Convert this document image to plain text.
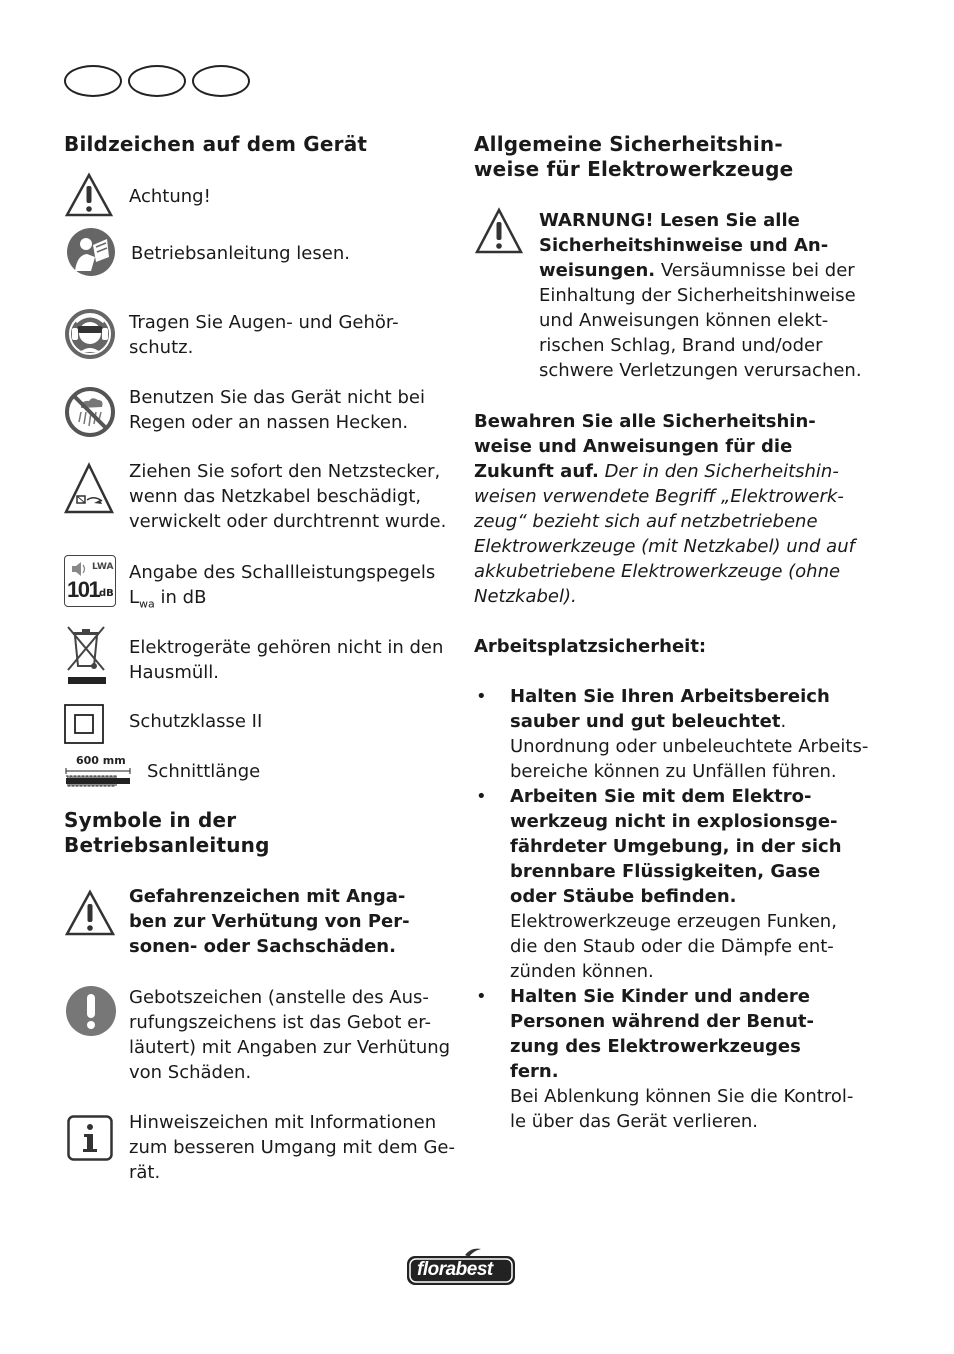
Bildzeichen auf dem Gerät
Achtung!
Betriebsanleitung lesen.
Tragen Sie Augen- und Gehör-
schutz.
Benutzen Sie das Gerät nicht bei
Regen oder an nassen Hecken.
Ziehen Sie sofort den Netzstecker,
wenn das Netzkabel beschädigt,
verwickelt oder durchtrennt wurde.
LWA
101 dB
Angabe des Schallleistungspegels
$L_{wa}$ in dB
Elektrogeräte gehören nicht in den
Hausmüll.
Schutzklasse II
600 mm
Schnittlänge
Symbole in der
Betriebsanleitung
Gefahrenzeichen mit Anga-
ben zur Verhütung von Per-
sonen- oder Sachschäden.
Gebotszeichen (anstelle des Aus-
rufungszeichens ist das Gebot er-
läutert) mit Angaben zur Verhütung
von Schäden.
Hinweiszeichen mit Informationen
zum besseren Umgang mit dem Ge-
rät.
Allgemeine Sicherheitshin-
weise für Elektrowerkzeuge
WARNUNG! Lesen Sie alle
Sicherheitshinweise und An-
weisungen. Versäumnisse bei der
Einhaltung der Sicherheitshinweise
und Anweisungen können elekt-
rischen Schlag, Brand und/oder
schwere Verletzungen verursachen.
Bewahren Sie alle Sicherheitshin-
weise und Anweisungen für die
Zukunft auf. Der in den Sicherheitshin-
weisen verwendete Begriff „Elektrowerk-
zeug“ bezieht sich auf netzbetriebene
Elektrowerkzeuge (mit Netzkabel) und auf
akkubetriebene Elektrowerkzeuge (ohne
Netzkabel).
Arbeitsplatzsicherheit:
• Halten Sie Ihren Arbeitsbereich
sauber und gut beleuchtet.
Unordnung oder unbeleuchtete Arbeits-
bereiche können zu Unfällen führen.
• Arbeiten Sie mit dem Elektro-
werkzeug nicht in explosionsge-
fährdeter Umgebung, in der sich
brennbare Flüssigkeiten, Gase
oder Stäube befinden.
Elektrowerkzeuge erzeugen Funken,
die den Staub oder die Dämpfe ent-
zünden können.
• Halten Sie Kinder und andere
Personen während der Benut-
zung des Elektrowerkzeuges
fern.
Bei Ablenkung können Sie die Kontrol-
le über das Gerät verlieren.
florabest
